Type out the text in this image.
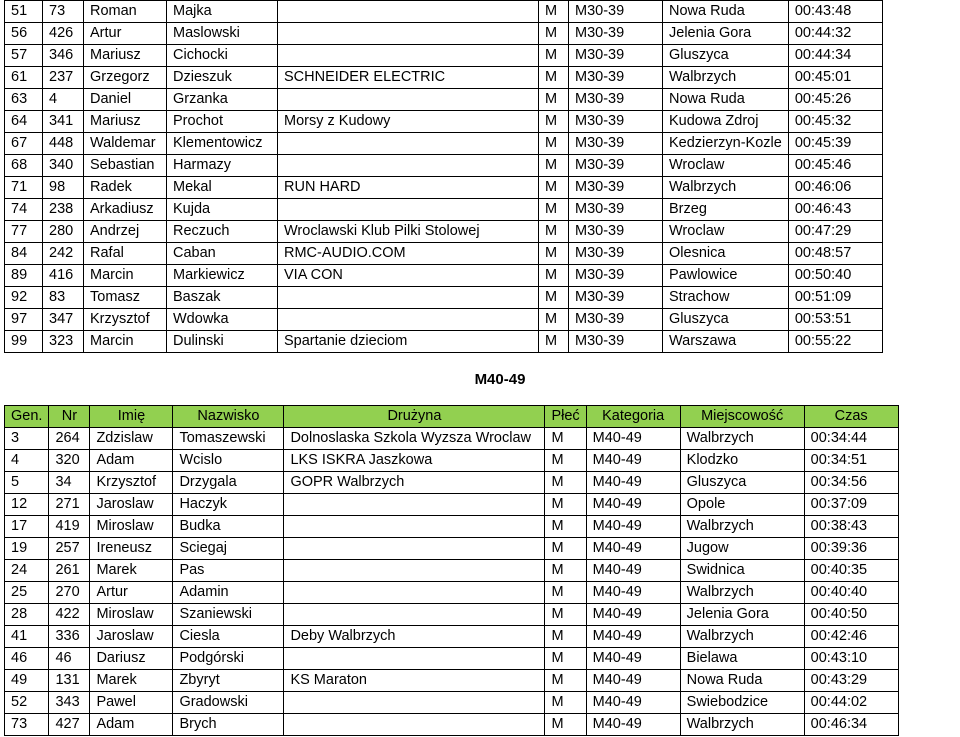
51	73	Roman	Majka		M	M30-39	Nowa Ruda	00:43:48
56	426	Artur	Maslowski		M	M30-39	Jelenia Gora	00:44:32
57	346	Mariusz	Cichocki		M	M30-39	Gluszyca	00:44:34
61	237	Grzegorz	Dzieszuk	SCHNEIDER ELECTRIC	M	M30-39	Walbrzych	00:45:01
63	4	Daniel	Grzanka		M	M30-39	Nowa Ruda	00:45:26
64	341	Mariusz	Prochot	Morsy z Kudowy	M	M30-39	Kudowa Zdroj	00:45:32
67	448	Waldemar	Klementowicz		M	M30-39	Kedzierzyn-Kozle	00:45:39
68	340	Sebastian	Harmazy		M	M30-39	Wroclaw	00:45:46
71	98	Radek	Mekal	RUN HARD	M	M30-39	Walbrzych	00:46:06
74	238	Arkadiusz	Kujda		M	M30-39	Brzeg	00:46:43
77	280	Andrzej	Reczuch	Wroclawski Klub Pilki Stolowej	M	M30-39	Wroclaw	00:47:29
84	242	Rafal	Caban	RMC-AUDIO.COM	M	M30-39	Olesnica	00:48:57
89	416	Marcin	Markiewicz	VIA CON	M	M30-39	Pawlowice	00:50:40
92	83	Tomasz	Baszak		M	M30-39	Strachow	00:51:09
97	347	Krzysztof	Wdowka		M	M30-39	Gluszyca	00:53:51
99	323	Marcin	Dulinski	Spartanie dzieciom	M	M30-39	Warszawa	00:55:22
M40-49
Gen.	Nr	Imię	Nazwisko	Drużyna	Płeć	Kategoria	Miejscowość	Czas
3	264	Zdzislaw	Tomaszewski	Dolnoslaska Szkola Wyzsza Wroclaw	M	M40-49	Walbrzych	00:34:44
4	320	Adam	Wcislo	LKS ISKRA Jaszkowa	M	M40-49	Klodzko	00:34:51
5	34	Krzysztof	Drzygala	GOPR Walbrzych	M	M40-49	Gluszyca	00:34:56
12	271	Jaroslaw	Haczyk		M	M40-49	Opole	00:37:09
17	419	Miroslaw	Budka		M	M40-49	Walbrzych	00:38:43
19	257	Ireneusz	Sciegaj		M	M40-49	Jugow	00:39:36
24	261	Marek	Pas		M	M40-49	Swidnica	00:40:35
25	270	Artur	Adamin		M	M40-49	Walbrzych	00:40:40
28	422	Miroslaw	Szaniewski		M	M40-49	Jelenia Gora	00:40:50
41	336	Jaroslaw	Ciesla	Deby Walbrzych	M	M40-49	Walbrzych	00:42:46
46	46	Dariusz	Podgórski		M	M40-49	Bielawa	00:43:10
49	131	Marek	Zbyryt	KS Maraton	M	M40-49	Nowa Ruda	00:43:29
52	343	Pawel	Gradowski		M	M40-49	Swiebodzice	00:44:02
73	427	Adam	Brych		M	M40-49	Walbrzych	00:46:34
